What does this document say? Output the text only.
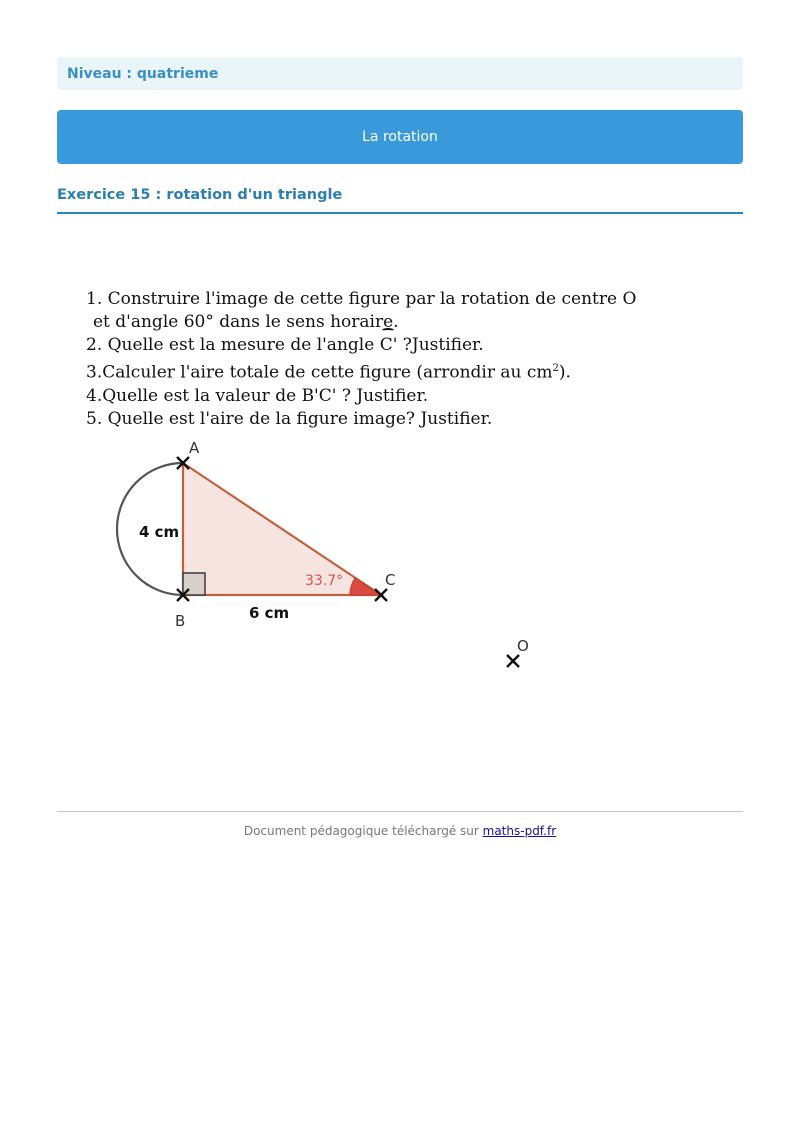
Niveau : quatrieme
La rotation
Exercice 15 : rotation d'un triangle
1. Construire l'image de cette figure par la rotation de centre O
et d'angle 60° dans le sens horaire.
2. Quelle est la mesure de l'angle C' ?Justifier.
3.Calculer l'aire totale de cette figure (arrondir au $cm^2$).
4.Quelle est la valeur de B'C' ? Justifier.
5. Quelle est l'aire de la figure image? Justifier.
A
B
C
O
4 cm
6 cm
33.7°
Document pédagogique téléchargé sur maths-pdf.fr
